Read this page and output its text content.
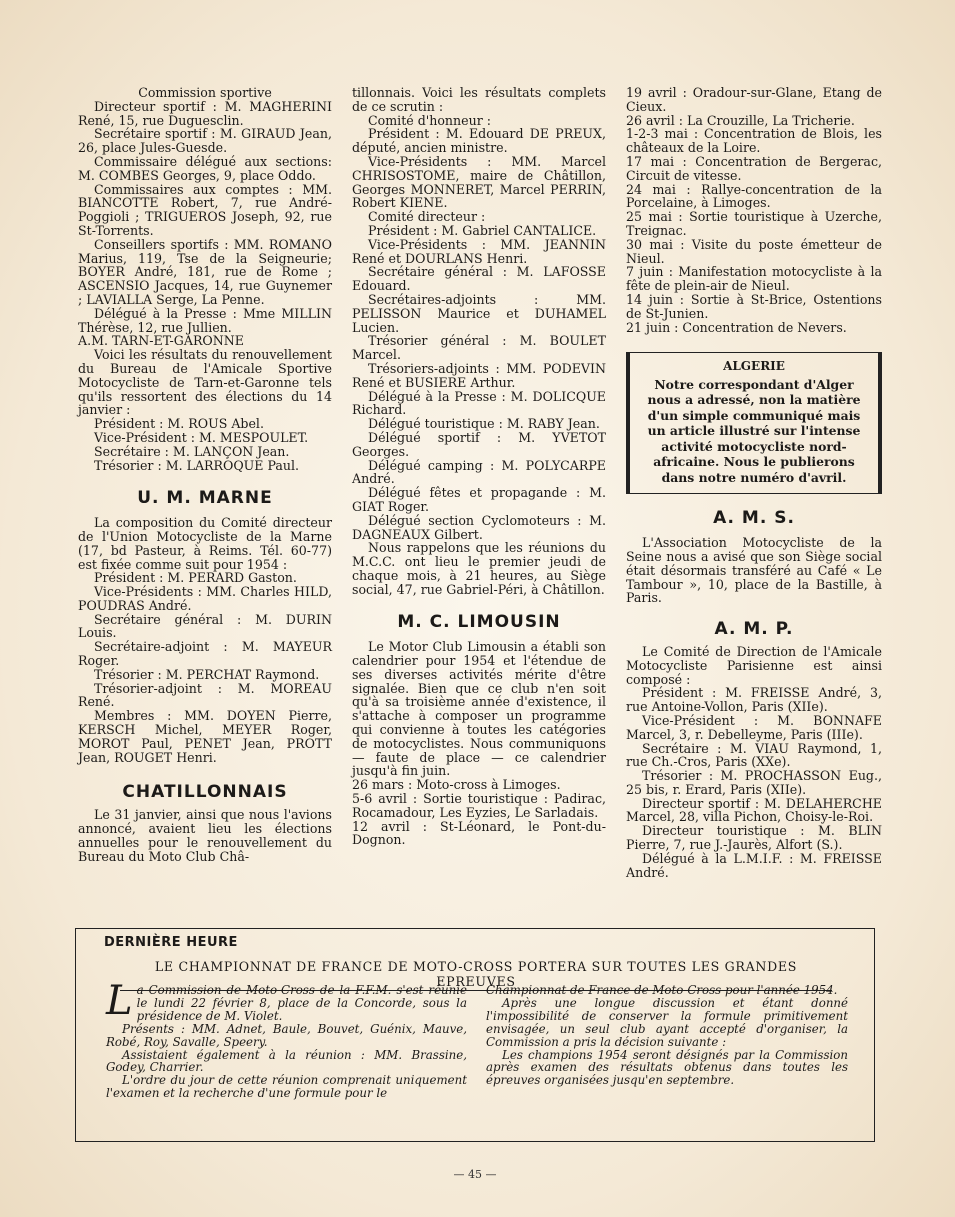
Commission sportive

Directeur sportif : M. MAGHERINI René, 15, rue Duguesclin.

Secrétaire sportif : M. GIRAUD Jean, 26, place Jules-Guesde.

Commissaire délégué aux sections: M. COMBES Georges, 9, place Oddo.

Commissaires aux comptes : MM. BIANCOTTE Robert, 7, rue André-Poggioli ; TRIGUEROS Joseph, 92, rue St-Torrents.

Conseillers sportifs : MM. ROMANO Marius, 119, Tse de la Seigneurie; BOYER André, 181, rue de Rome ; ASCENSIO Jacques, 14, rue Guynemer ; LAVIALLA Serge, La Penne.

Délégué à la Presse : Mme MILLIN Thérèse, 12, rue Jullien.

A.M. TARN-ET-GARONNE

Voici les résultats du renouvellement du Bureau de l'Amicale Sportive Motocycliste de Tarn-et-Garonne tels qu'ils ressortent des élections du 14 janvier :

Président : M. ROUS Abel.

Vice-Président : M. MESPOULET.

Secrétaire : M. LANÇON Jean.

Trésorier : M. LARROQUE Paul.

U. M. MARNE

La composition du Comité directeur de l'Union Motocycliste de la Marne (17, bd Pasteur, à Reims. Tél. 60-77) est fixée comme suit pour 1954 :

Président : M. PERARD Gaston.

Vice-Présidents : MM. Charles HILD, POUDRAS André.

Secrétaire général : M. DURIN Louis.

Secrétaire-adjoint : M. MAYEUR Roger.

Trésorier : M. PERCHAT Raymond.

Trésorier-adjoint : M. MOREAU René.

Membres : MM. DOYEN Pierre, KERSCH Michel, MEYER Roger, MOROT Paul, PENET Jean, PROTT Jean, ROUGET Henri.

CHATILLONNAIS

Le 31 janvier, ainsi que nous l'avions annoncé, avaient lieu les élections annuelles pour le renouvellement du Bureau du Moto Club Châ-

tillonnais. Voici les résultats complets de ce scrutin :

Comité d'honneur :

Président : M. Edouard DE PREUX, député, ancien ministre.

Vice-Présidents : MM. Marcel CHRISOSTOME, maire de Châtillon, Georges MONNERET, Marcel PERRIN, Robert KIENE.

Comité directeur :

Président : M. Gabriel CANTALICE.

Vice-Présidents : MM. JEANNIN René et DOURLANS Henri.

Secrétaire général : M. LAFOSSE Edouard.

Secrétaires-adjoints : MM. PELISSON Maurice et DUHAMEL Lucien.

Trésorier général : M. BOULET Marcel.

Trésoriers-adjoints : MM. PODEVIN René et BUSIERE Arthur.

Délégué à la Presse : M. DOLICQUE Richard.

Délégué touristique : M. RABY Jean.

Délégué sportif : M. YVETOT Georges.

Délégué camping : M. POLYCARPE André.

Délégué fêtes et propagande : M. GIAT Roger.

Délégué section Cyclomoteurs : M. DAGNEAUX Gilbert.

Nous rappelons que les réunions du M.C.C. ont lieu le premier jeudi de chaque mois, à 21 heures, au Siège social, 47, rue Gabriel-Péri, à Châtillon.

M. C. LIMOUSIN

Le Motor Club Limousin a établi son calendrier pour 1954 et l'étendue de ses diverses activités mérite d'être signalée. Bien que ce club n'en soit qu'à sa troisième année d'existence, il s'attache à composer un programme qui convienne à toutes les catégories de motocyclistes. Nous communiquons — faute de place — ce calendrier jusqu'à fin juin.

26 mars : Moto-cross à Limoges.

5-6 avril : Sortie touristique : Padirac, Rocamadour, Les Eyzies, Le Sarladais.

12 avril : St-Léonard, le Pont-du-Dognon.

19 avril : Oradour-sur-Glane, Etang de Cieux.

26 avril : La Crouzille, La Tricherie.

1-2-3 mai : Concentration de Blois, les châteaux de la Loire.

17 mai : Concentration de Bergerac, Circuit de vitesse.

24 mai : Rallye-concentration de la Porcelaine, à Limoges.

25 mai : Sortie touristique à Uzerche, Treignac.

30 mai : Visite du poste émetteur de Nieul.

7 juin : Manifestation motocycliste à la fête de plein-air de Nieul.

14 juin : Sortie à St-Brice, Ostentions de St-Junien.

21 juin : Concentration de Nevers.

ALGERIE
Notre correspondant d'Alger nous a adressé, non la matière d'un simple communiqué mais un article illustré sur l'intense activité motocycliste nord-africaine. Nous le publierons dans notre numéro d'avril.
A. M. S.

L'Association Motocycliste de la Seine nous a avisé que son Siège social était désormais transféré au Café « Le Tambour », 10, place de la Bastille, à Paris.

A. M. P.

Le Comité de Direction de l'Amicale Motocycliste Parisienne est ainsi composé :

Président : M. FREISSE André, 3, rue Antoine-Vollon, Paris (XIIe).

Vice-Président : M. BONNAFE Marcel, 3, r. Debelleyme, Paris (IIIe).

Secrétaire : M. VIAU Raymond, 1, rue Ch.-Cros, Paris (XXe).

Trésorier : M. PROCHASSON Eug., 25 bis, r. Erard, Paris (XIIe).

Directeur sportif : M. DELAHERCHE Marcel, 28, villa Pichon, Choisy-le-Roi.

Directeur touristique : M. BLIN Pierre, 7, rue J.-Jaurès, Alfort (S.).

Délégué à la L.M.I.F. : M. FREISSE André.

DERNIÈRE HEURE
LE CHAMPIONNAT DE FRANCE DE MOTO-CROSS PORTERA SUR TOUTES LES GRANDES EPREUVES

La Commission de Moto-Cross de la F.F.M. s'est réunie le lundi 22 février 8, place de la Concorde, sous la présidence de M. Violet.

Présents : MM. Adnet, Baule, Bouvet, Guénix, Mauve, Robé, Roy, Savalle, Speery.

Assistaient également à la réunion : MM. Brassine, Godey, Charrier.

L'ordre du jour de cette réunion comprenait uniquement l'examen et la recherche d'une formule pour le

Championnat de France de Moto-Cross pour l'année 1954.

Après une longue discussion et étant donné l'impossibilité de conserver la formule primitivement envisagée, un seul club ayant accepté d'organiser, la Commission a pris la décision suivante :

Les champions 1954 seront désignés par la Commission après examen des résultats obtenus dans toutes les épreuves organisées jusqu'en septembre.

— 45 —
